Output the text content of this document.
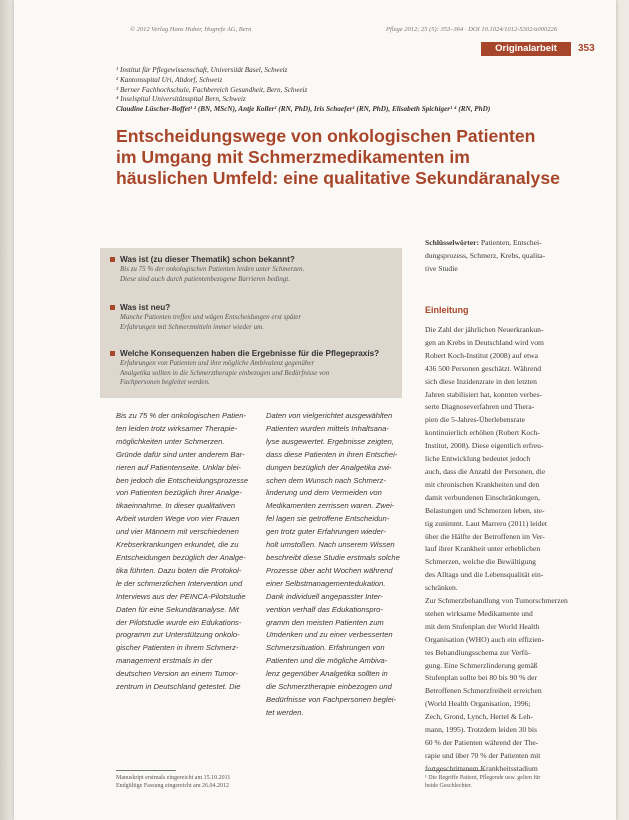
© 2012 Verlag Hans Huber, Hogrefe AG, Bern	Pflege 2012; 25 (5): 353–364 · DOI 10.1024/1012-5302/a000226
Originalarbeit	353
¹ Institut für Pflegewissenschaft, Universität Basel, Schweiz
² Kantonsspital Uri, Altdorf, Schweiz
³ Berner Fachhochschule, Fachbereich Gesundheit, Bern, Schweiz
⁴ Inselspital Universitätsspital Bern, Schweiz
Claudine Lüscher-Boffet¹ ² (BN, MScN), Antje Koller¹ (RN, PhD), Iris Schaefer¹ (RN, PhD), Elisabeth Spichiger¹ ⁴ (RN, PhD)
Entscheidungswege von onkologischen Patienten
im Umgang mit Schmerzmedikamenten im
häuslichen Umfeld: eine qualitative Sekundäranalyse
Was ist (zu dieser Thematik) schon bekannt?
Bis zu 75 % der onkologischen Patienten leiden unter Schmerzen.
Diese sind auch durch patientenbezogene Barrieren bedingt.
Was ist neu?
Manche Patienten treffen und wägen Entscheidungen erst später
Erfahrungen mit Schmerzmitteln immer wieder um.
Welche Konsequenzen haben die Ergebnisse für die Pflegepraxis?
Erfahrungen von Patienten und ihre mögliche Ambivalenz gegenüber
Analgetika sollten in die Schmerztherapie einbezogen und Bedürfnisse von
Fachpersonen begleitet werden.
Bis zu 75 % der onkologischen Patien-
ten leiden trotz wirksamer Therapie-
möglichkeiten unter Schmerzen.
Gründe dafür sind unter anderem Bar-
rieren auf Patientenseite. Unklar blei-
ben jedoch die Entscheidungsprozesse
von Patienten bezüglich ihrer Analge-
tikaeinnahme. In dieser qualitativen
Arbeit wurden Wege von vier Frauen
und vier Männern mit verschiedenen
Krebserkrankungen erkundet, die zu
Entscheidungen bezüglich der Analge-
tika führten. Dazu boten die Protokol-
le der schmerzlichen Intervention und
Interviews aus der PEINCA-Pilotstudie
Daten für eine Sekundäranalyse. Mit
der Pilotstudie wurde ein Edukations-
programm zur Unterstützung onkolo-
gischer Patienten in ihrem Schmerz-
management erstmals in der
deutschen Version an einem Tumor-
zentrum in Deutschland getestet. Die
Daten von vielgerichtet ausgewählten
Patienten wurden mittels Inhaltsana-
lyse ausgewertet. Ergebnisse zeigten,
dass diese Patienten in ihren Entschei-
dungen bezüglich der Analgetika zwi-
schen dem Wunsch nach Schmerz-
linderung und dem Vermeiden von
Medikamenten zerrissen waren. Zwei-
fel lagen sie getroffene Entscheidun-
gen trotz guter Erfahrungen wieder-
holt umstoßen. Nach unserem Wissen
beschreibt diese Studie erstmals solche
Prozesse über acht Wochen während
einer Selbstmanagementedukation.
Dank individuell angepasster Inter-
vention verhalf das Edukationspro-
gramm den meisten Patienten zum
Umdenken und zu einer verbesserten
Schmerzsituation. Erfahrungen von
Patienten und die mögliche Ambiva-
lenz gegenüber Analgetika sollten in
die Schmerztherapie einbezogen und
Bedürfnisse von Fachpersonen beglei-
tet werden.
Schlüsselwörter: Patienten, Entschei-
dungsprozess, Schmerz, Krebs, qualita-
tive Studie
Einleitung
Die Zahl der jährlichen Neuerkrankun-
gen an Krebs in Deutschland wird vom
Robert Koch-Institut (2008) auf etwa
436 500 Personen geschätzt. Während
sich diese Inzidenzrate in den letzten
Jahren stabilisiert hat, konnten verbes-
serte Diagnoseverfahren und Thera-
pien die 5-Jahres-Überlebensrate
kontinuierlich erhöhen (Robert Koch-
Institut, 2008). Diese eigentlich erfreu-
liche Entwicklung bedeutet jedoch
auch, dass die Anzahl der Personen, die
mit chronischen Krankheiten und den
damit verbundenen Einschränkungen,
Belastungen und Schmerzen leben, ste-
tig zunimmt. Laut Marrero (2011) leidet
über die Hälfte der Betroffenen im Ver-
lauf ihrer Krankheit unter erheblichen
Schmerzen, welche die Bewältigung
des Alltags und die Lebensqualität ein-
schränken.
Zur Schmerzbehandlung von Tumorschmerzen
stehen wirksame Medikamente und
mit dem Stufenplan der World Health
Organisation (WHO) auch ein effizien-
tes Behandlungsschema zur Verfü-
gung. Eine Schmerzlinderung gemäß
Stufenplan sollte bei 80 bis 90 % der
Betroffenen Schmerzfreiheit erreichen
(World Health Organisation, 1996;
Zech, Grond, Lynch, Hertel & Leh-
mann, 1995). Trotzdem leiden 30 bis
60 % der Patienten während der The-
rapie und über 70 % der Patienten mit
fortgeschrittenem Krankheitsstadium
Manuskript erstmals eingereicht am 15.10.2011
Endgültige Fassung eingereicht am 26.04.2012
¹ Die Begriffe Patient, Pflegende usw. gelten für
beide Geschlechter.
